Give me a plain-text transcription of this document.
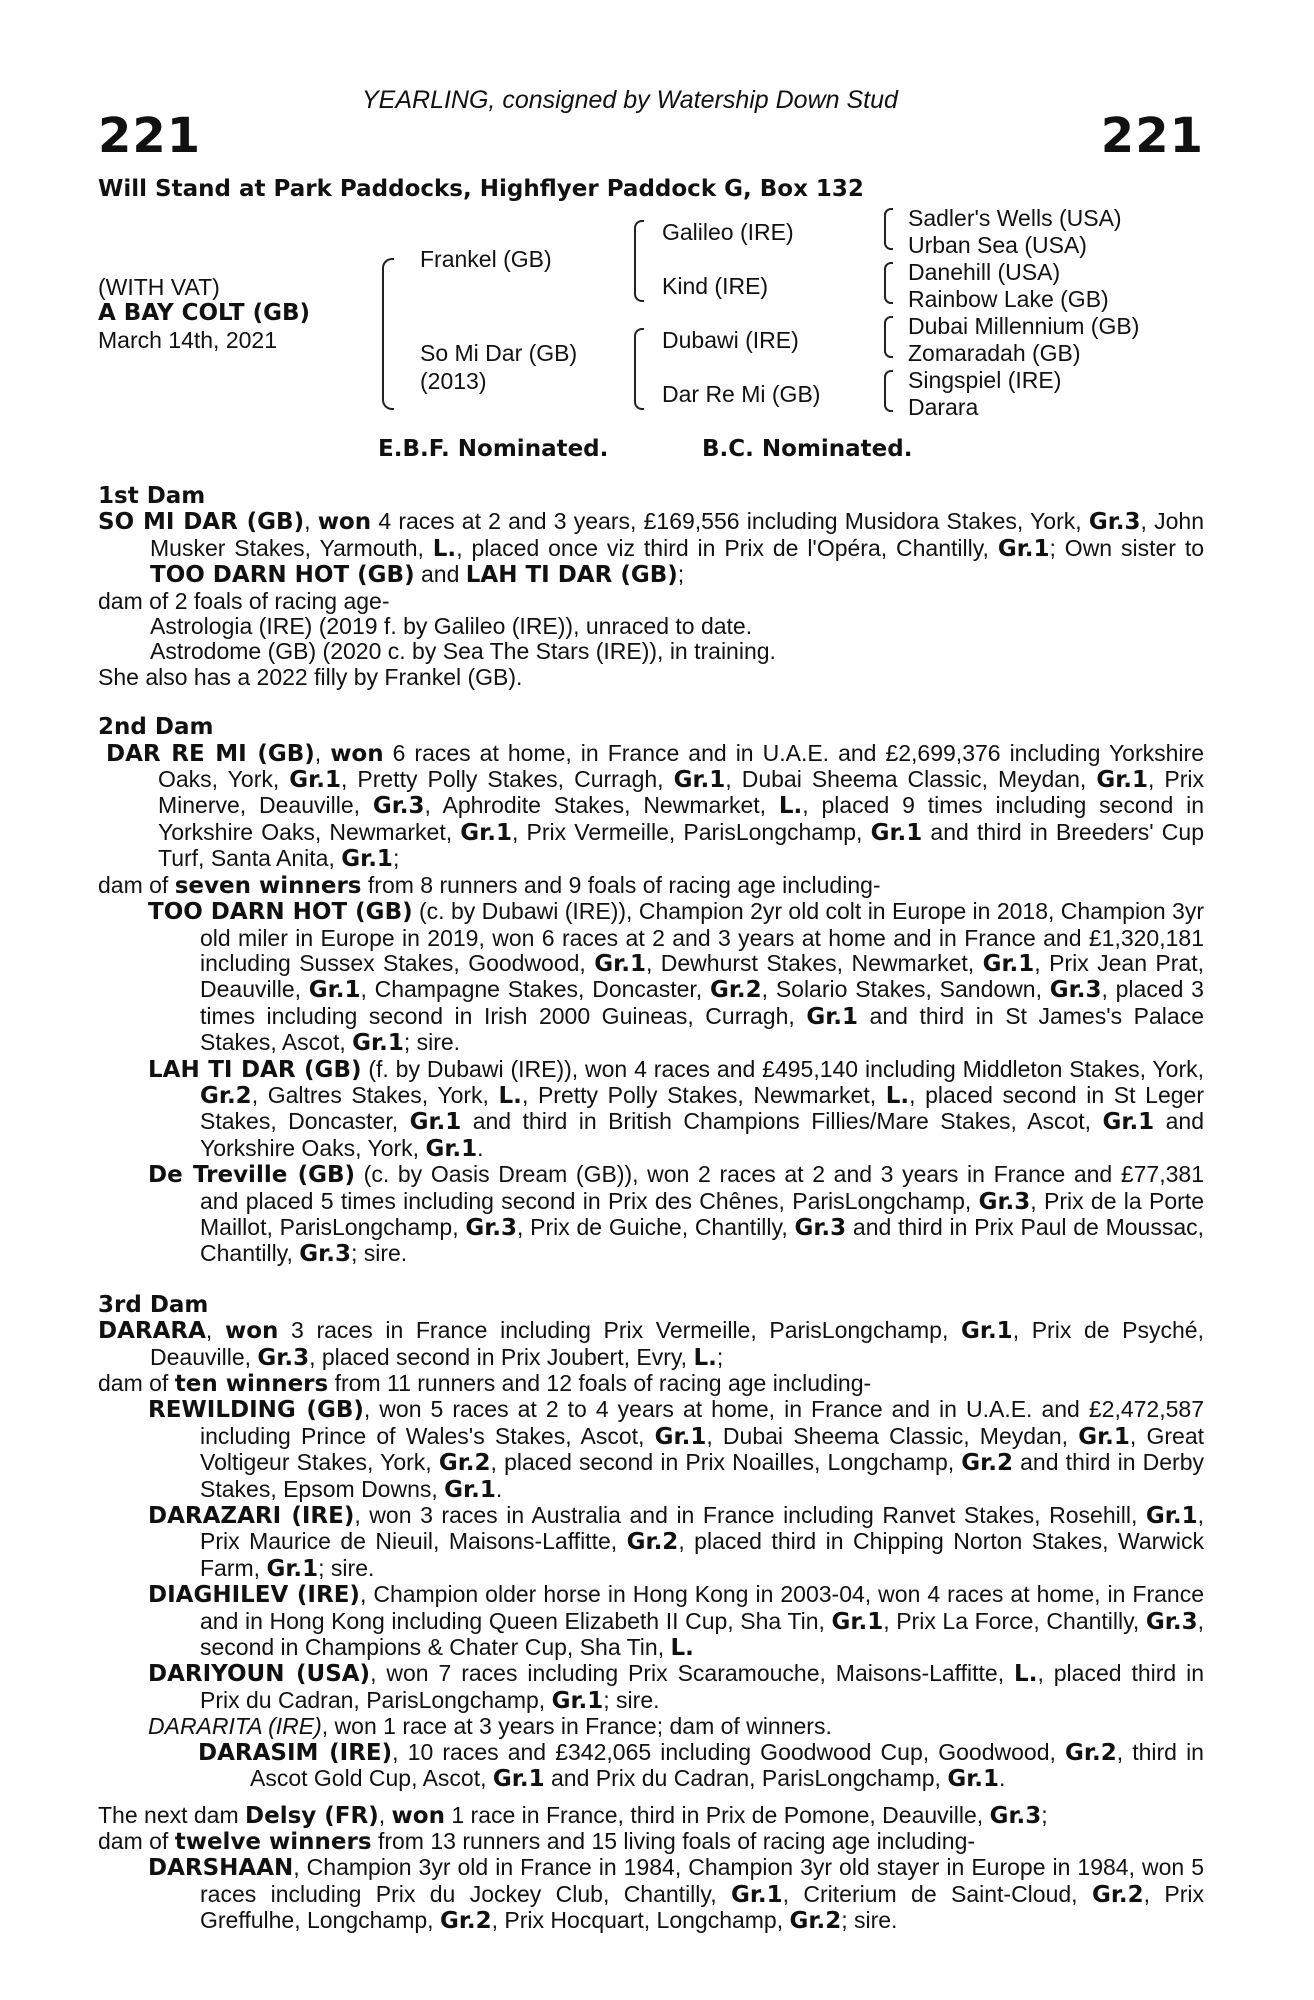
YEARLING, consigned by Watership Down Stud
221	221
Will Stand at Park Paddocks, Highflyer Paddock G, Box 132
(WITH VAT)
A BAY COLT (GB)
March 14th, 2021
Frankel (GB)
So Mi Dar (GB)
(2013)
Galileo (IRE)
Kind (IRE)
Dubawi (IRE)
Dar Re Mi (GB)
Sadler's Wells (USA)
Urban Sea (USA)
Danehill (USA)
Rainbow Lake (GB)
Dubai Millennium (GB)
Zomaradah (GB)
Singspiel (IRE)
Darara
E.B.F. Nominated.	B.C. Nominated.
1st Dam
SO MI DAR (GB), won 4 races at 2 and 3 years, £169,556 including Musidora Stakes, York, Gr.3, John Musker Stakes, Yarmouth, L., placed once viz third in Prix de l'Opéra, Chantilly, Gr.1; Own sister to TOO DARN HOT (GB) and LAH TI DAR (GB);
dam of 2 foals of racing age-
Astrologia (IRE) (2019 f. by Galileo (IRE)), unraced to date.
Astrodome (GB) (2020 c. by Sea The Stars (IRE)), in training.
She also has a 2022 filly by Frankel (GB).
2nd Dam
DAR RE MI (GB), won 6 races at home, in France and in U.A.E. and £2,699,376 including Yorkshire Oaks, York, Gr.1, Pretty Polly Stakes, Curragh, Gr.1, Dubai Sheema Classic, Meydan, Gr.1, Prix Minerve, Deauville, Gr.3, Aphrodite Stakes, Newmarket, L., placed 9 times including second in Yorkshire Oaks, Newmarket, Gr.1, Prix Vermeille, ParisLongchamp, Gr.1 and third in Breeders' Cup Turf, Santa Anita, Gr.1;
dam of seven winners from 8 runners and 9 foals of racing age including-
TOO DARN HOT (GB) (c. by Dubawi (IRE)), Champion 2yr old colt in Europe in 2018, Champion 3yr old miler in Europe in 2019, won 6 races at 2 and 3 years at home and in France and £1,320,181 including Sussex Stakes, Goodwood, Gr.1, Dewhurst Stakes, Newmarket, Gr.1, Prix Jean Prat, Deauville, Gr.1, Champagne Stakes, Doncaster, Gr.2, Solario Stakes, Sandown, Gr.3, placed 3 times including second in Irish 2000 Guineas, Curragh, Gr.1 and third in St James's Palace Stakes, Ascot, Gr.1; sire.
LAH TI DAR (GB) (f. by Dubawi (IRE)), won 4 races and £495,140 including Middleton Stakes, York, Gr.2, Galtres Stakes, York, L., Pretty Polly Stakes, Newmarket, L., placed second in St Leger Stakes, Doncaster, Gr.1 and third in British Champions Fillies/Mare Stakes, Ascot, Gr.1 and Yorkshire Oaks, York, Gr.1.
De Treville (GB) (c. by Oasis Dream (GB)), won 2 races at 2 and 3 years in France and £77,381 and placed 5 times including second in Prix des Chênes, ParisLongchamp, Gr.3, Prix de la Porte Maillot, ParisLongchamp, Gr.3, Prix de Guiche, Chantilly, Gr.3 and third in Prix Paul de Moussac, Chantilly, Gr.3; sire.
3rd Dam
DARARA, won 3 races in France including Prix Vermeille, ParisLongchamp, Gr.1, Prix de Psyché, Deauville, Gr.3, placed second in Prix Joubert, Evry, L.;
dam of ten winners from 11 runners and 12 foals of racing age including-
REWILDING (GB), won 5 races at 2 to 4 years at home, in France and in U.A.E. and £2,472,587 including Prince of Wales's Stakes, Ascot, Gr.1, Dubai Sheema Classic, Meydan, Gr.1, Great Voltigeur Stakes, York, Gr.2, placed second in Prix Noailles, Longchamp, Gr.2 and third in Derby Stakes, Epsom Downs, Gr.1.
DARAZARI (IRE), won 3 races in Australia and in France including Ranvet Stakes, Rosehill, Gr.1, Prix Maurice de Nieuil, Maisons-Laffitte, Gr.2, placed third in Chipping Norton Stakes, Warwick Farm, Gr.1; sire.
DIAGHILEV (IRE), Champion older horse in Hong Kong in 2003-04, won 4 races at home, in France and in Hong Kong including Queen Elizabeth II Cup, Sha Tin, Gr.1, Prix La Force, Chantilly, Gr.3, second in Champions & Chater Cup, Sha Tin, L.
DARIYOUN (USA), won 7 races including Prix Scaramouche, Maisons-Laffitte, L., placed third in Prix du Cadran, ParisLongchamp, Gr.1; sire.
DARARITA (IRE), won 1 race at 3 years in France; dam of winners.
DARASIM (IRE), 10 races and £342,065 including Goodwood Cup, Goodwood, Gr.2, third in Ascot Gold Cup, Ascot, Gr.1 and Prix du Cadran, ParisLongchamp, Gr.1.
The next dam Delsy (FR), won 1 race in France, third in Prix de Pomone, Deauville, Gr.3;
dam of twelve winners from 13 runners and 15 living foals of racing age including-
DARSHAAN, Champion 3yr old in France in 1984, Champion 3yr old stayer in Europe in 1984, won 5 races including Prix du Jockey Club, Chantilly, Gr.1, Criterium de Saint-Cloud, Gr.2, Prix Greffulhe, Longchamp, Gr.2, Prix Hocquart, Longchamp, Gr.2; sire.
